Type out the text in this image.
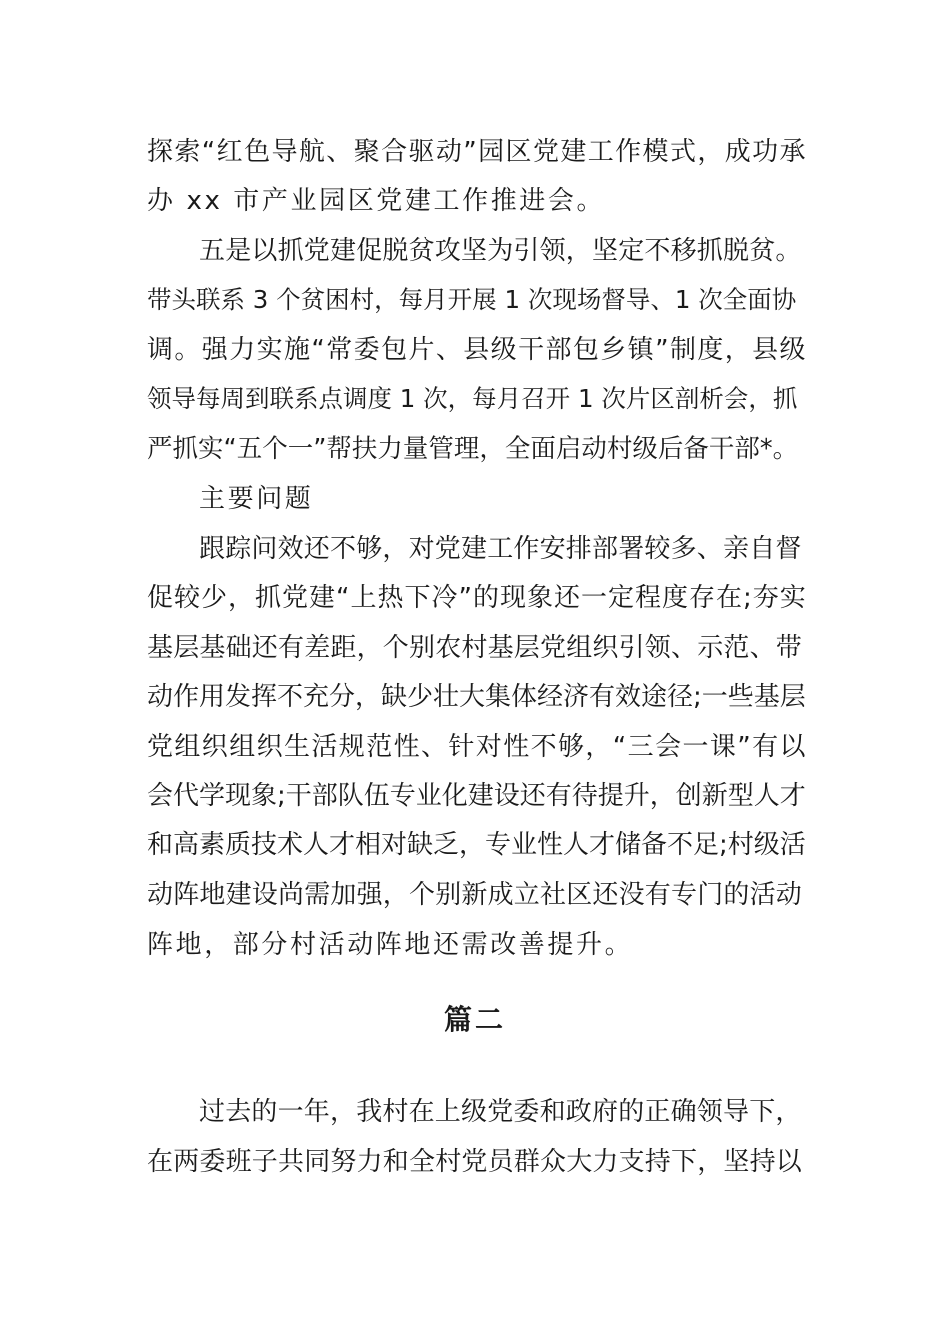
探索“红色导航、聚合驱动”园区党建工作模式，成功承
办 xx 市产业园区党建工作推进会。
五是以抓党建促脱贫攻坚为引领，坚定不移抓脱贫。
带头联系 3 个贫困村，每月开展 1 次现场督导、1 次全面协
调。强力实施“常委包片、县级干部包乡镇”制度，县级
领导每周到联系点调度 1 次，每月召开 1 次片区剖析会，抓
严抓实“五个一”帮扶力量管理，全面启动村级后备干部*。
主要问题
跟踪问效还不够，对党建工作安排部署较多、亲自督
促较少，抓党建“上热下冷”的现象还一定程度存在;夯实
基层基础还有差距，个别农村基层党组织引领、示范、带
动作用发挥不充分，缺少壮大集体经济有效途径;一些基层
党组织组织生活规范性、针对性不够，“三会一课”有以
会代学现象;干部队伍专业化建设还有待提升，创新型人才
和高素质技术人才相对缺乏，专业性人才储备不足;村级活
动阵地建设尚需加强，个别新成立社区还没有专门的活动
阵地，部分村活动阵地还需改善提升。
篇二
过去的一年，我村在上级党委和政府的正确领导下，
在两委班子共同努力和全村党员群众大力支持下，坚持以
